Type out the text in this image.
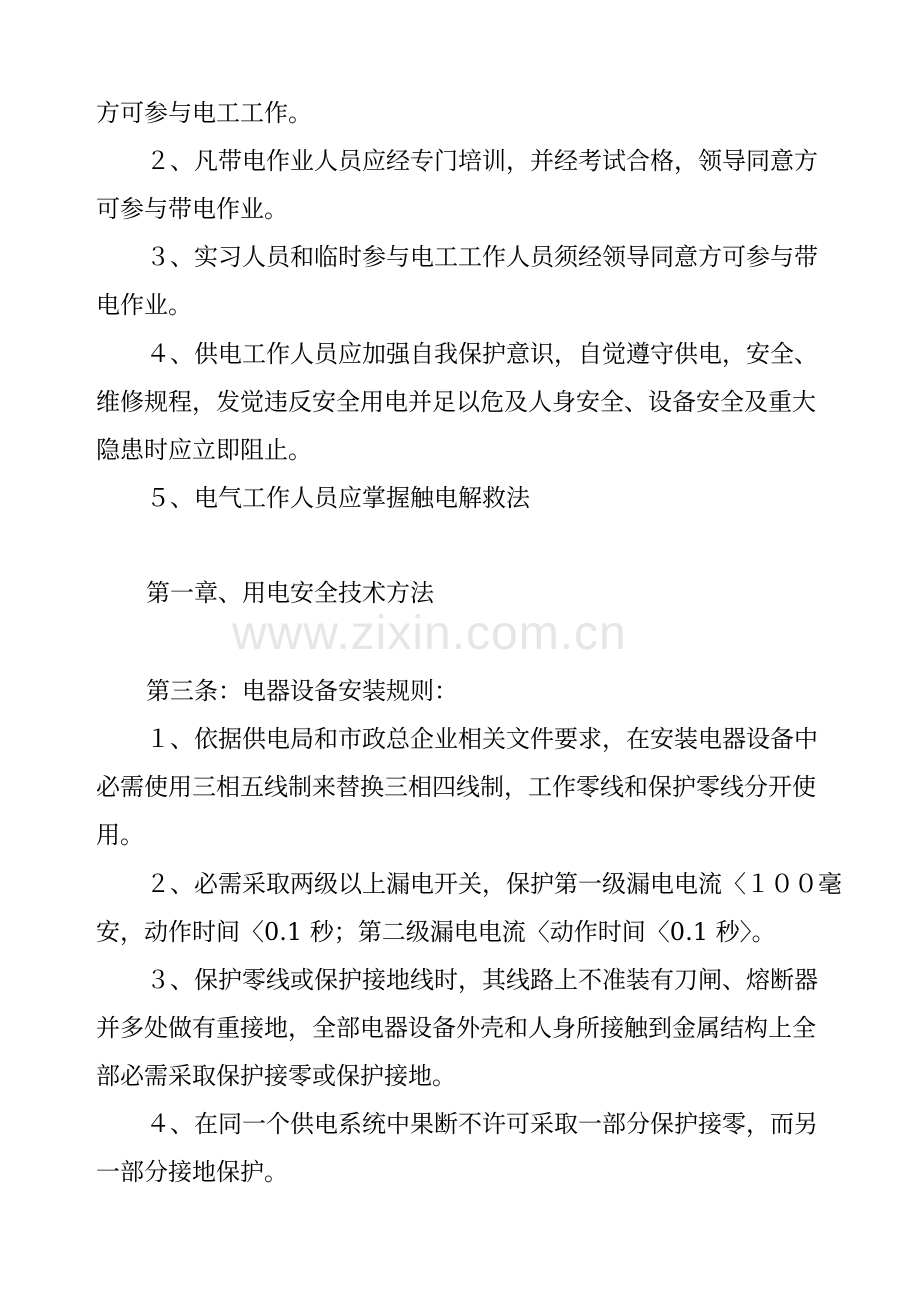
www.zixin.com.cn
方可参与电工工作。
２、凡带电作业人员应经专门培训，并经考试合格，领导同意方
可参与带电作业。
３、实习人员和临时参与电工工作人员须经领导同意方可参与带
电作业。
４、供电工作人员应加强自我保护意识，自觉遵守供电，安全、
维修规程，发觉违反安全用电并足以危及人身安全、设备安全及重大
隐患时应立即阻止。
５、电气工作人员应掌握触电解救法
第一章、用电安全技术方法
第三条：电器设备安装规则：
１、依据供电局和市政总企业相关文件要求，在安装电器设备中
必需使用三相五线制来替换三相四线制，工作零线和保护零线分开使
用。
２、必需采取两级以上漏电开关，保护第一级漏电电流〈１００毫
安，动作时间〈0.1 秒；第二级漏电电流〈动作时间〈0.1 秒〉。
３、保护零线或保护接地线时，其线路上不准装有刀闸、熔断器
并多处做有重接地，全部电器设备外壳和人身所接触到金属结构上全
部必需采取保护接零或保护接地。
４、在同一个供电系统中果断不许可采取一部分保护接零，而另
一部分接地保护。
